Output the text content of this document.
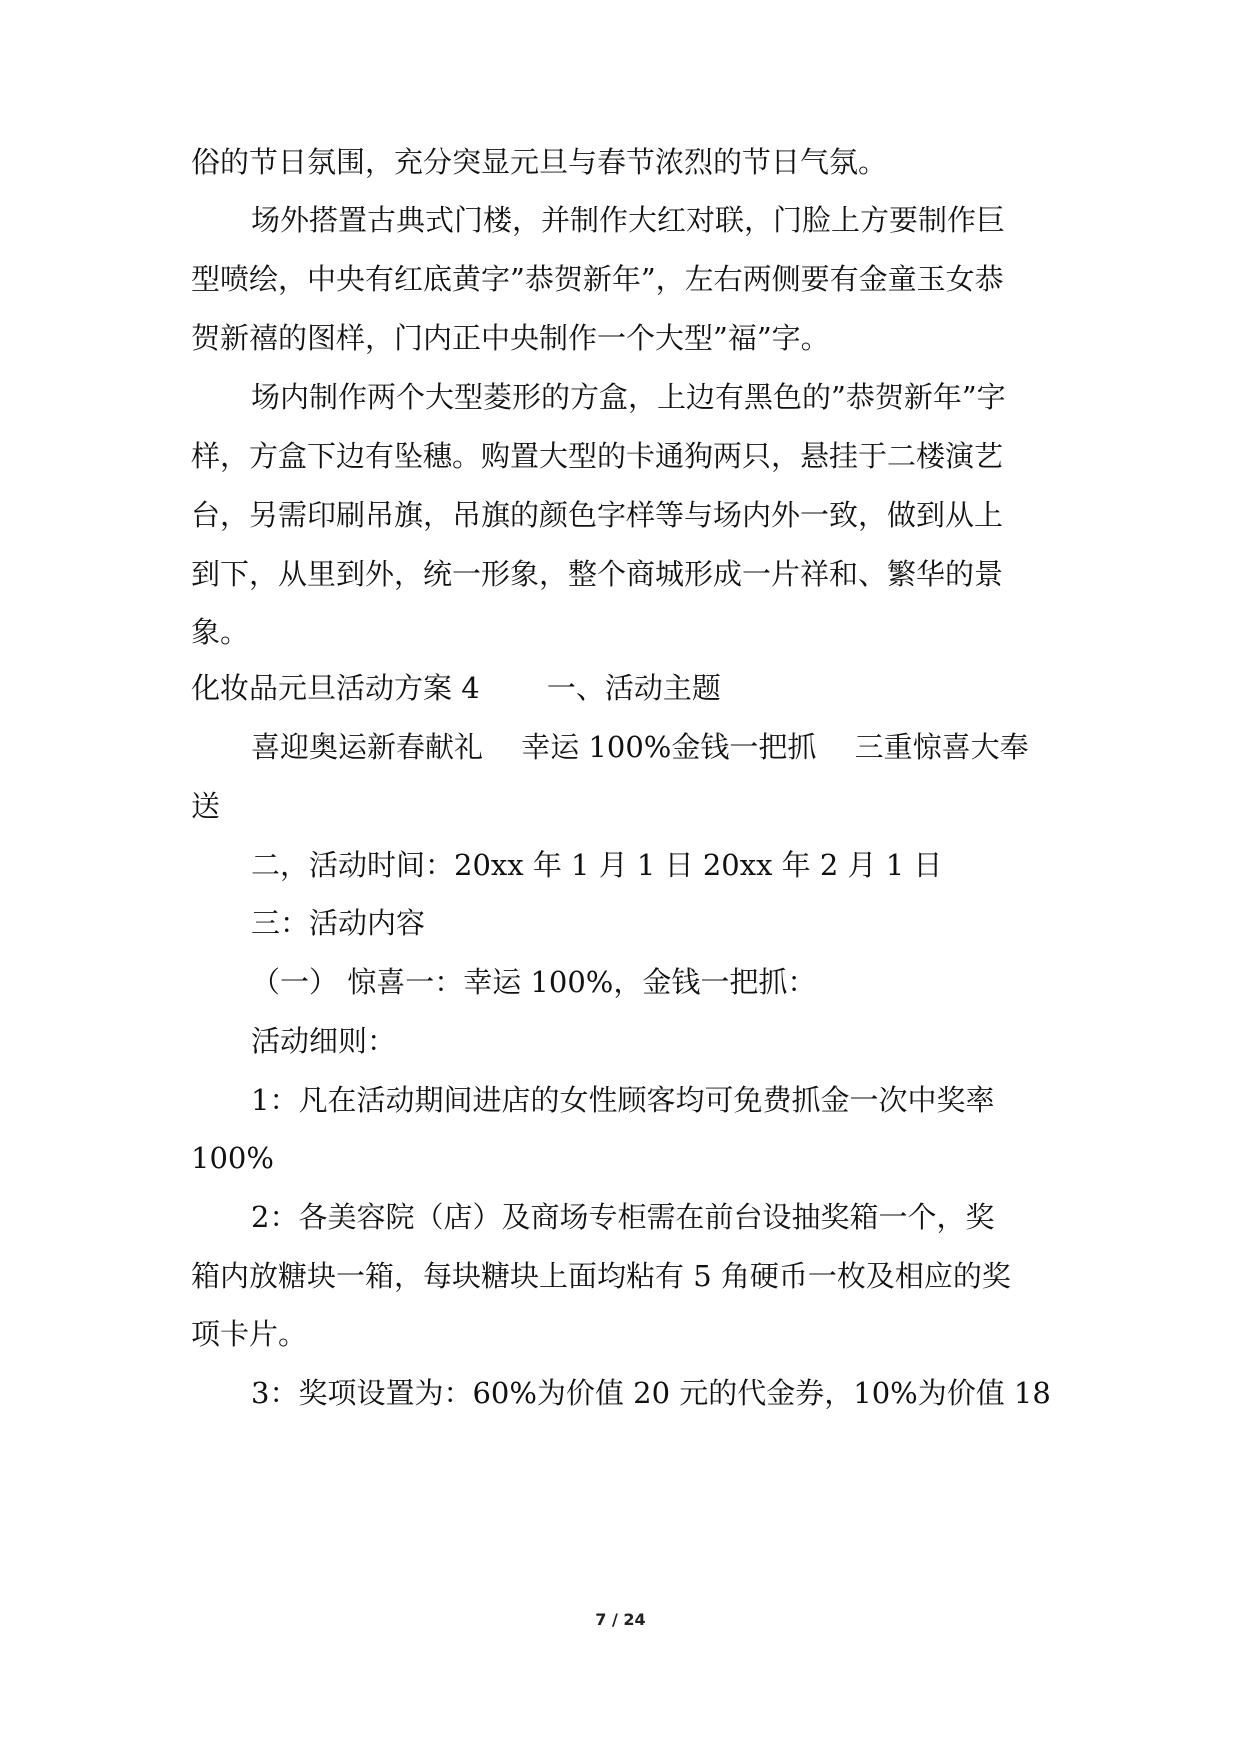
俗的节日氛围，充分突显元旦与春节浓烈的节日气氛。
场外搭置古典式门楼，并制作大红对联，门脸上方要制作巨
型喷绘，中央有红底黄字”恭贺新年”，左右两侧要有金童玉女恭
贺新禧的图样，门内正中央制作一个大型”福”字。
场内制作两个大型菱形的方盒，上边有黑色的”恭贺新年”字
样，方盒下边有坠穗。购置大型的卡通狗两只，悬挂于二楼演艺
台，另需印刷吊旗，吊旗的颜色字样等与场内外一致，做到从上
到下，从里到外，统一形象，整个商城形成一片祥和、繁华的景
象。
化妆品元旦活动方案 4　　 一、活动主题
喜迎奥运新春献礼　 幸运 100%金钱一把抓　 三重惊喜大奉
送
二，活动时间：20xx 年 1 月 1 日 20xx 年 2 月 1 日
三：活动内容
（一） 惊喜一：幸运 100%，金钱一把抓：
活动细则：
1：凡在活动期间进店的女性顾客均可免费抓金一次中奖率
100%
2：各美容院（店）及商场专柜需在前台设抽奖箱一个，奖
箱内放糖块一箱，每块糖块上面均粘有 5 角硬币一枚及相应的奖
项卡片。
3：奖项设置为：60%为价值 20 元的代金券，10%为价值 18
7 / 24
